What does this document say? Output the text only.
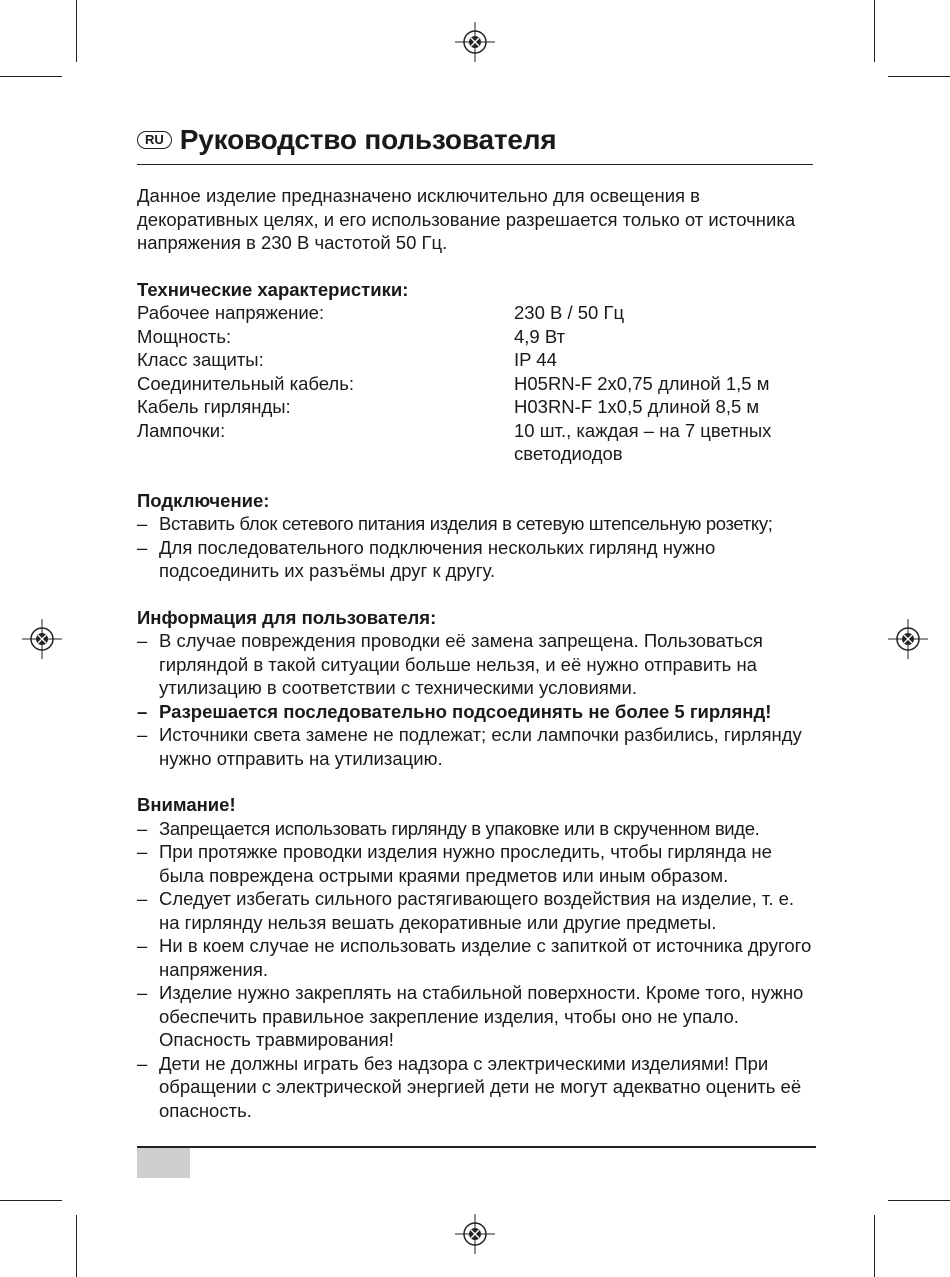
RU Руководство пользователя

Данное изделие предназначено исключительно для освещения в декоративных целях, и его использование разрешается только от источника напряжения в 230 В частотой 50 Гц.

Технические характеристики:

Рабочее напряжение:	230 В / 50 Гц
Мощность:	4,9 Вт
Класс защиты:	IP 44
Соединительный кабель:	H05RN-F 2x0,75 длиной 1,5 м
Кабель гирлянды:	H03RN-F 1x0,5 длиной 8,5 м
Лампочки:	10 шт., каждая – на 7 цветных светодиодов

Подключение:

– Вставить блок сетевого питания изделия в сетевую штепсельную розетку;
– Для последовательного подключения нескольких гирлянд нужно подсоединить их разъёмы друг к другу.

Информация для пользователя:

– В случае повреждения проводки её замена запрещена. Пользоваться гирляндой в такой ситуации больше нельзя, и её нужно отправить на утилизацию в соответствии с техническими условиями.
– Разрешается последовательно подсоединять не более 5 гирлянд!
– Источники света замене не подлежат; если лампочки разбились, гирлянду нужно отправить на утилизацию.

Внимание!

– Запрещается использовать гирлянду в упаковке или в скрученном виде.
– При протяжке проводки изделия нужно проследить, чтобы гирлянда не была повреждена острыми краями предметов или иным образом.
– Следует избегать сильного растягивающего воздействия на изделие, т. е. на гирлянду нельзя вешать декоративные или другие предметы.
– Ни в коем случае не использовать изделие с запиткой от источника другого напряжения.
– Изделие нужно закреплять на стабильной поверхности. Кроме того, нужно обеспечить правильное закрепление изделия, чтобы оно не упало. Опасность травмирования!
– Дети не должны играть без надзора с электрическими изделиями! При обращении с электрической энергией дети не могут адекватно оценить её опасность.
